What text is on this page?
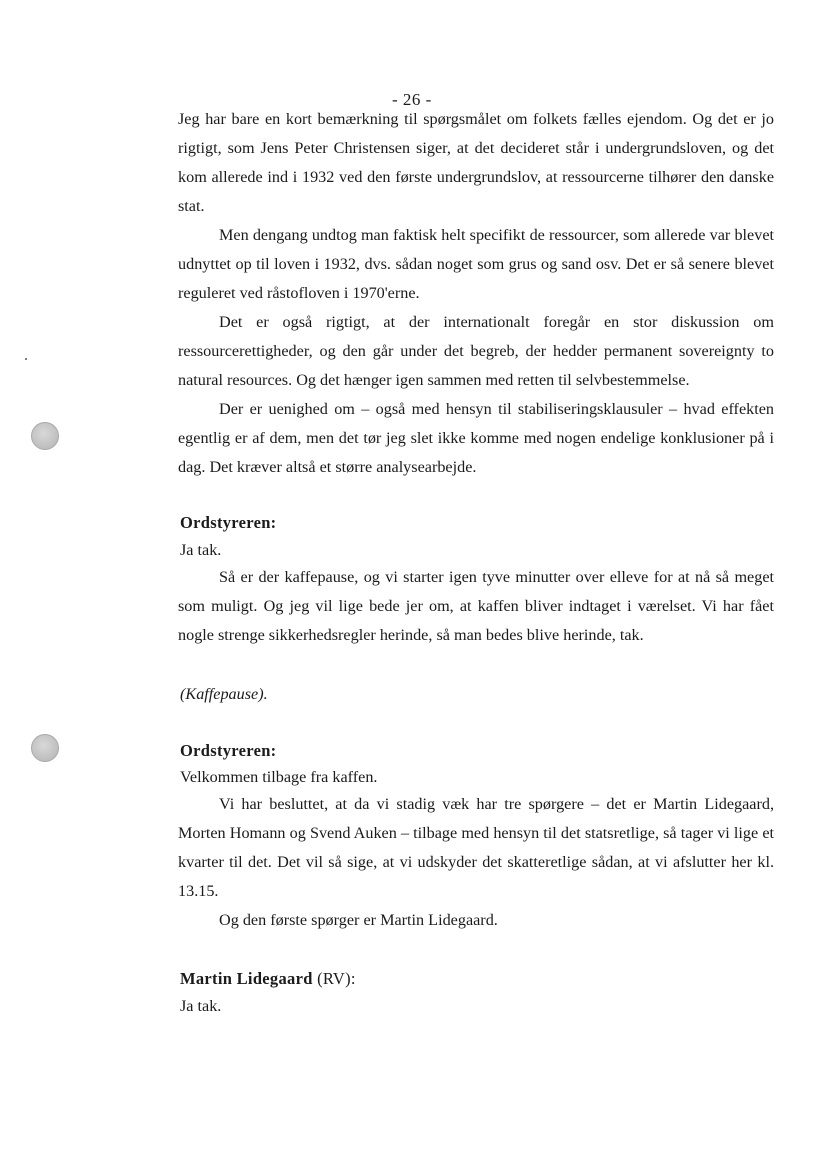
- 26 -

Jeg har bare en kort bemærkning til spørgsmålet om folkets fælles ejendom. Og det er jo rigtigt, som Jens Peter Christensen siger, at det decideret står i undergrundsloven, og det kom allerede ind i 1932 ved den første undergrundslov, at ressourcerne tilhører den danske stat.

Men dengang undtog man faktisk helt specifikt de ressourcer, som allerede var blevet udnyttet op til loven i 1932, dvs. sådan noget som grus og sand osv. Det er så senere blevet reguleret ved råstofloven i 1970'erne.

Det er også rigtigt, at der internationalt foregår en stor diskussion om ressourcerettigheder, og den går under det begreb, der hedder permanent sovereignty to natural resources. Og det hænger igen sammen med retten til selvbestemmelse.

Der er uenighed om – også med hensyn til stabiliseringsklausuler – hvad effekten egentlig er af dem, men det tør jeg slet ikke komme med nogen endelige konklusioner på i dag. Det kræver altså et større analysearbejde.

Ordstyreren:

Ja tak.

Så er der kaffepause, og vi starter igen tyve minutter over elleve for at nå så meget som muligt. Og jeg vil lige bede jer om, at kaffen bliver indtaget i værelset. Vi har fået nogle strenge sikkerhedsregler herinde, så man bedes blive herinde, tak.

(Kaffepause).

Ordstyreren:

Velkommen tilbage fra kaffen.

Vi har besluttet, at da vi stadig væk har tre spørgere – det er Martin Lidegaard, Morten Homann og Svend Auken – tilbage med hensyn til det statsretlige, så tager vi lige et kvarter til det. Det vil så sige, at vi udskyder det skatteretlige sådan, at vi afslutter her kl. 13.15.

Og den første spørger er Martin Lidegaard.

Martin Lidegaard (RV):

Ja tak.
